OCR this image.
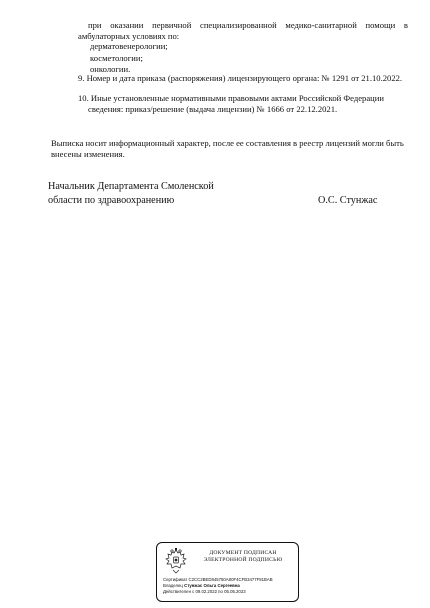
при оказании первичной специализированной медико-санитарной помощи в

амбулаторных условиях по:

дерматовенерологии;
косметологии;
онкологии.

9. Номер и дата приказа (распоряжения) лицензирующего органа: № 1291 от 21.10.2022.

10. Иные установленные нормативными правовыми актами Российской Федерации

сведения: приказ/решение (выдача лицензии) № 1666 от 22.12.2021.

Выписка носит информационный характер, после ее составления в реестр лицензий могли быть

внесены изменения.

Начальник Департамента Смоленской
области по здравоохранению	О.С. Стунжас
ДОКУМЕНТ ПОДПИСАН
ЭЛЕКТРОННОЙ ПОДПИСЬЮ
Сертификат C2CC2BED845750A80F4CFB3477F81BAB
Владелец Стунжас Ольга Сергеевна
Действителен с 09.02.2022 по 05.05.2023
